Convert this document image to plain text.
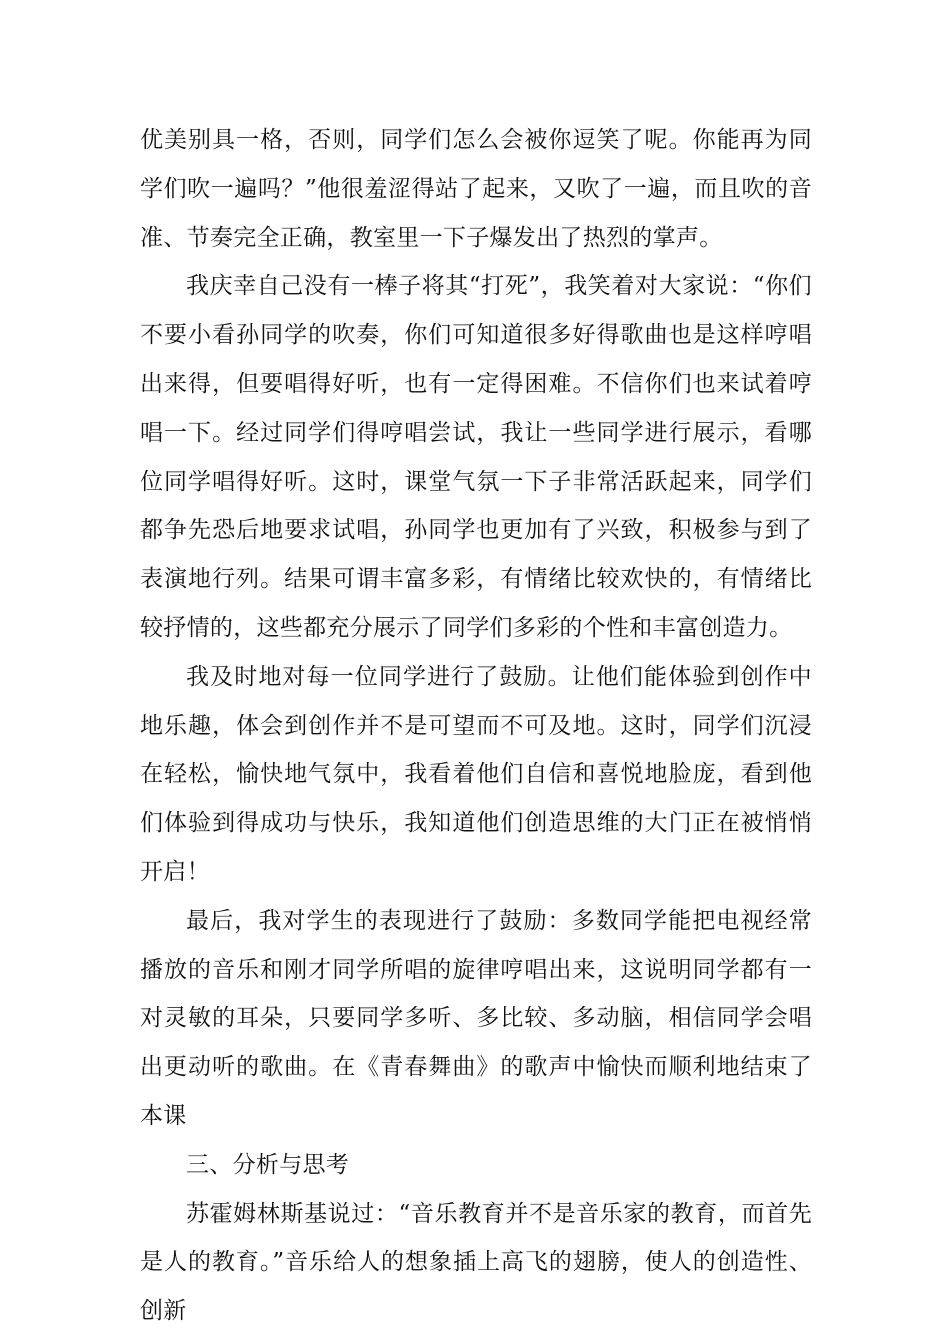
优美别具一格，否则，同学们怎么会被你逗笑了呢。你能再为同学们吹一遍吗？”他很羞涩得站了起来，又吹了一遍，而且吹的音准、节奏完全正确，教室里一下子爆发出了热烈的掌声。

我庆幸自己没有一棒子将其“打死”，我笑着对大家说：“你们不要小看孙同学的吹奏，你们可知道很多好得歌曲也是这样哼唱出来得，但要唱得好听，也有一定得困难。不信你们也来试着哼唱一下。经过同学们得哼唱尝试，我让一些同学进行展示，看哪位同学唱得好听。这时，课堂气氛一下子非常活跃起来，同学们都争先恐后地要求试唱，孙同学也更加有了兴致，积极参与到了表演地行列。结果可谓丰富多彩，有情绪比较欢快的，有情绪比较抒情的，这些都充分展示了同学们多彩的个性和丰富创造力。

我及时地对每一位同学进行了鼓励。让他们能体验到创作中地乐趣，体会到创作并不是可望而不可及地。这时，同学们沉浸在轻松，愉快地气氛中，我看着他们自信和喜悦地脸庞，看到他们体验到得成功与快乐，我知道他们创造思维的大门正在被悄悄开启！

最后，我对学生的表现进行了鼓励：多数同学能把电视经常播放的音乐和刚才同学所唱的旋律哼唱出来，这说明同学都有一对灵敏的耳朵，只要同学多听、多比较、多动脑，相信同学会唱出更动听的歌曲。在《青春舞曲》的歌声中愉快而顺利地结束了本课

三、分析与思考

苏霍姆林斯基说过：“音乐教育并不是音乐家的教育，而首先是人的教育。”音乐给人的想象插上高飞的翅膀，使人的创造性、创新
